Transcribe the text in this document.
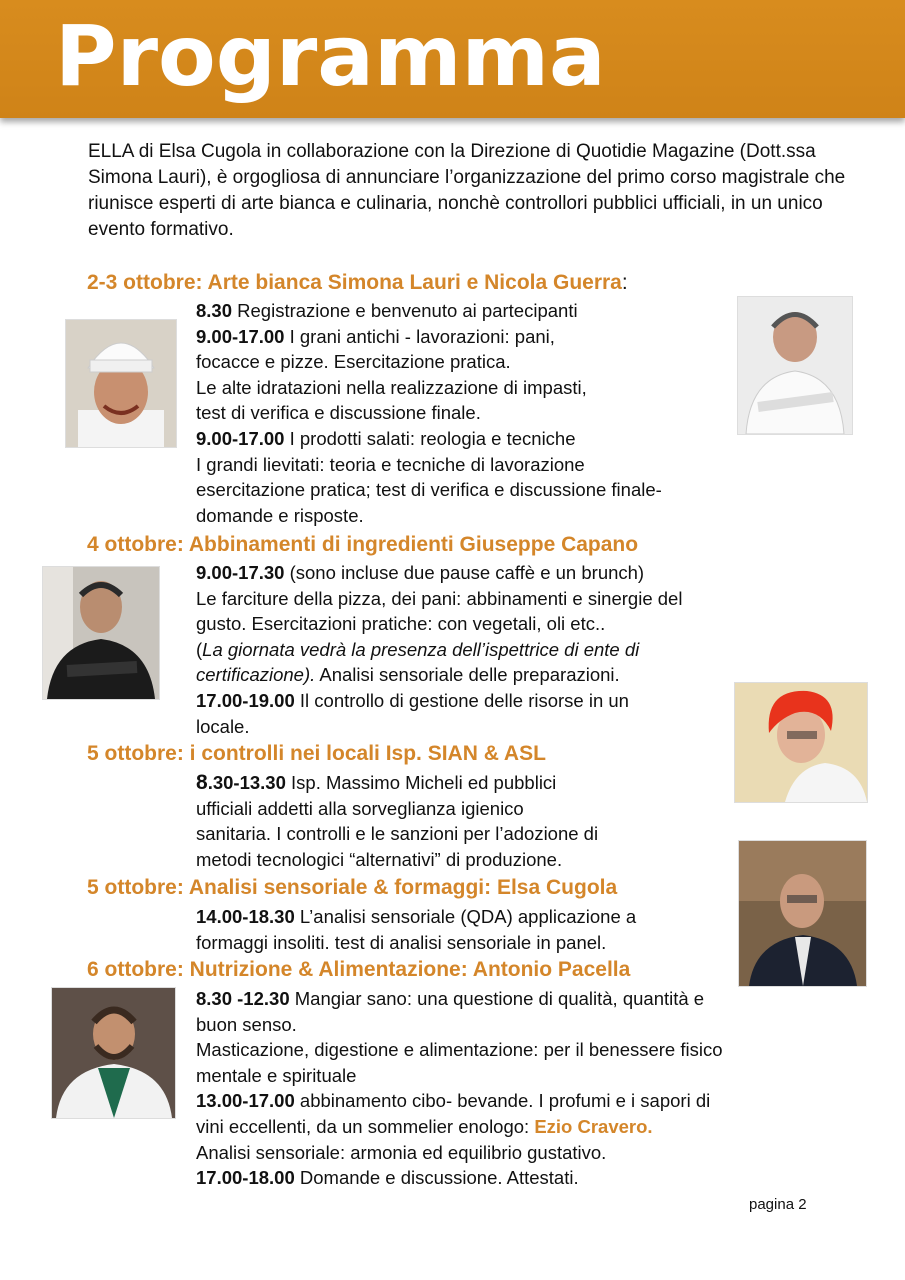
Programma

ELLA di Elsa Cugola in collaborazione con la Direzione di Quotidie Magazine (Dott.ssa Simona Lauri), è orgogliosa di annunciare l’organizzazione del primo corso magistrale che riunisce esperti di arte bianca e culinaria, nonchè controllori pubblici ufficiali, in un unico evento formativo.

2-3 ottobre: Arte bianca Simona Lauri e Nicola Guerra:

8.30 Registrazione e benvenuto ai partecipanti

9.00-17.00 I grani antichi - lavorazioni: pani,

focacce e pizze. Esercitazione pratica.

Le alte idratazioni nella realizzazione di impasti,

test di verifica e discussione finale.

9.00-17.00 I prodotti salati: reologia e tecniche

I grandi lievitati: teoria e tecniche di lavorazione

esercitazione pratica; test di verifica e discussione finale-

domande e risposte.

4 ottobre: Abbinamenti di ingredienti Giuseppe Capano

9.00-17.30 (sono incluse due pause caffè e un brunch)

Le farciture della pizza, dei pani: abbinamenti e sinergie del

gusto. Esercitazioni pratiche: con vegetali, oli etc..

(La giornata vedrà la presenza dell’ispettrice di ente di

certificazione). Analisi sensoriale delle preparazioni.

17.00-19.00 Il controllo di gestione delle risorse in un

locale.

5 ottobre: i controlli nei locali Isp. SIAN & ASL

8.30-13.30 Isp. Massimo Micheli ed pubblici

ufficiali addetti alla sorveglianza igienico

sanitaria. I controlli e le sanzioni per l’adozione di

metodi tecnologici “alternativi” di produzione.

5 ottobre: Analisi sensoriale & formaggi: Elsa Cugola

14.00-18.30 L’analisi sensoriale (QDA) applicazione a

formaggi insoliti. test di analisi sensoriale in panel.

6 ottobre: Nutrizione & Alimentazione: Antonio Pacella

8.30 -12.30 Mangiar sano: una questione di qualità, quantità e

buon senso.

Masticazione, digestione e alimentazione: per il benessere fisico

mentale e spirituale

13.00-17.00 abbinamento cibo- bevande. I profumi e i sapori di

vini eccellenti, da un sommelier enologo: Ezio Cravero.

Analisi sensoriale: armonia ed equilibrio gustativo.

17.00-18.00 Domande e discussione. Attestati.

pagina 2
